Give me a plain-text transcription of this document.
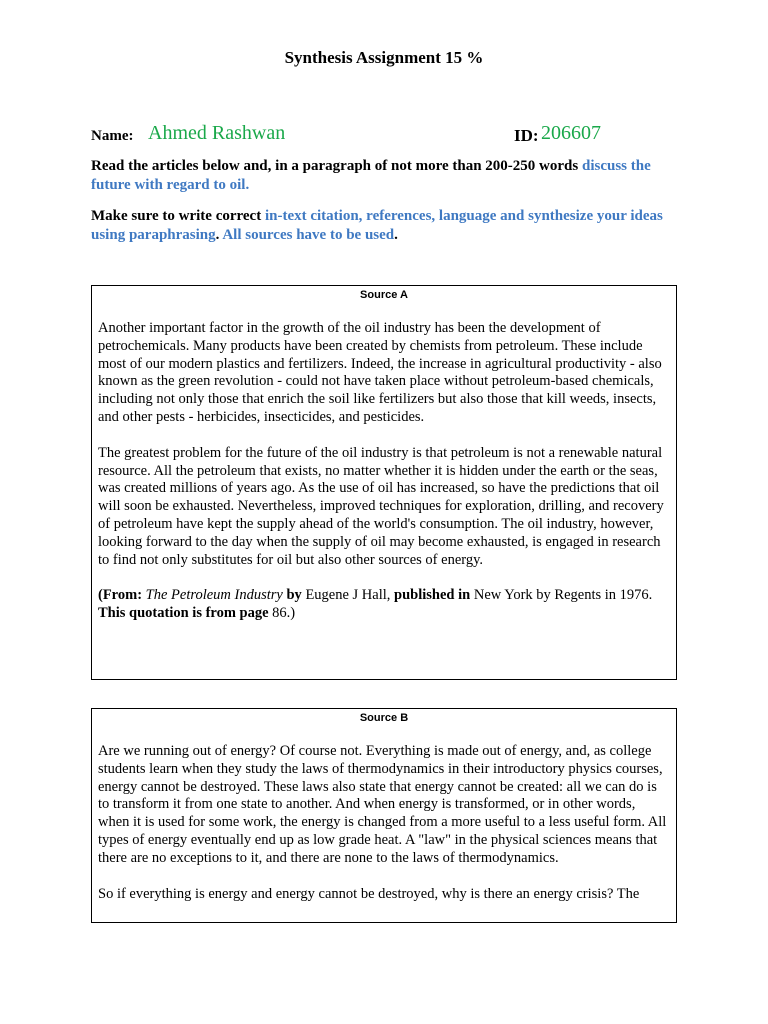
Synthesis Assignment 15 %
Name: Ahmed Rashwan	ID: 206607
Read the articles below and, in a paragraph of not more than 200-250 words discuss the future with regard to oil.
Make sure to write correct in-text citation, references, language and synthesize your ideas using paraphrasing. All sources have to be used.
Source A

Another important factor in the growth of the oil industry has been the development of petrochemicals. Many products have been created by chemists from petroleum. These include most of our modern plastics and fertilizers. Indeed, the increase in agricultural productivity - also known as the green revolution - could not have taken place without petroleum-based chemicals, including not only those that enrich the soil like fertilizers but also those that kill weeds, insects, and other pests - herbicides, insecticides, and pesticides.

The greatest problem for the future of the oil industry is that petroleum is not a renewable natural resource. All the petroleum that exists, no matter whether it is hidden under the earth or the seas, was created millions of years ago. As the use of oil has increased, so have the predictions that oil will soon be exhausted. Nevertheless, improved techniques for exploration, drilling, and recovery of petroleum have kept the supply ahead of the world's consumption. The oil industry, however, looking forward to the day when the supply of oil may become exhausted, is engaged in research to find not only substitutes for oil but also other sources of energy.

(From: The Petroleum Industry by Eugene J Hall, published in New York by Regents in 1976. This quotation is from page 86.)

Source B

Are we running out of energy? Of course not. Everything is made out of energy, and, as college students learn when they study the laws of thermodynamics in their introductory physics courses, energy cannot be destroyed. These laws also state that energy cannot be created: all we can do is to transform it from one state to another. And when energy is transformed, or in other words, when it is used for some work, the energy is changed from a more useful to a less useful form. All types of energy eventually end up as low grade heat. A "law" in the physical sciences means that there are no exceptions to it, and there are none to the laws of thermodynamics.

So if everything is energy and energy cannot be destroyed, why is there an energy crisis? The
